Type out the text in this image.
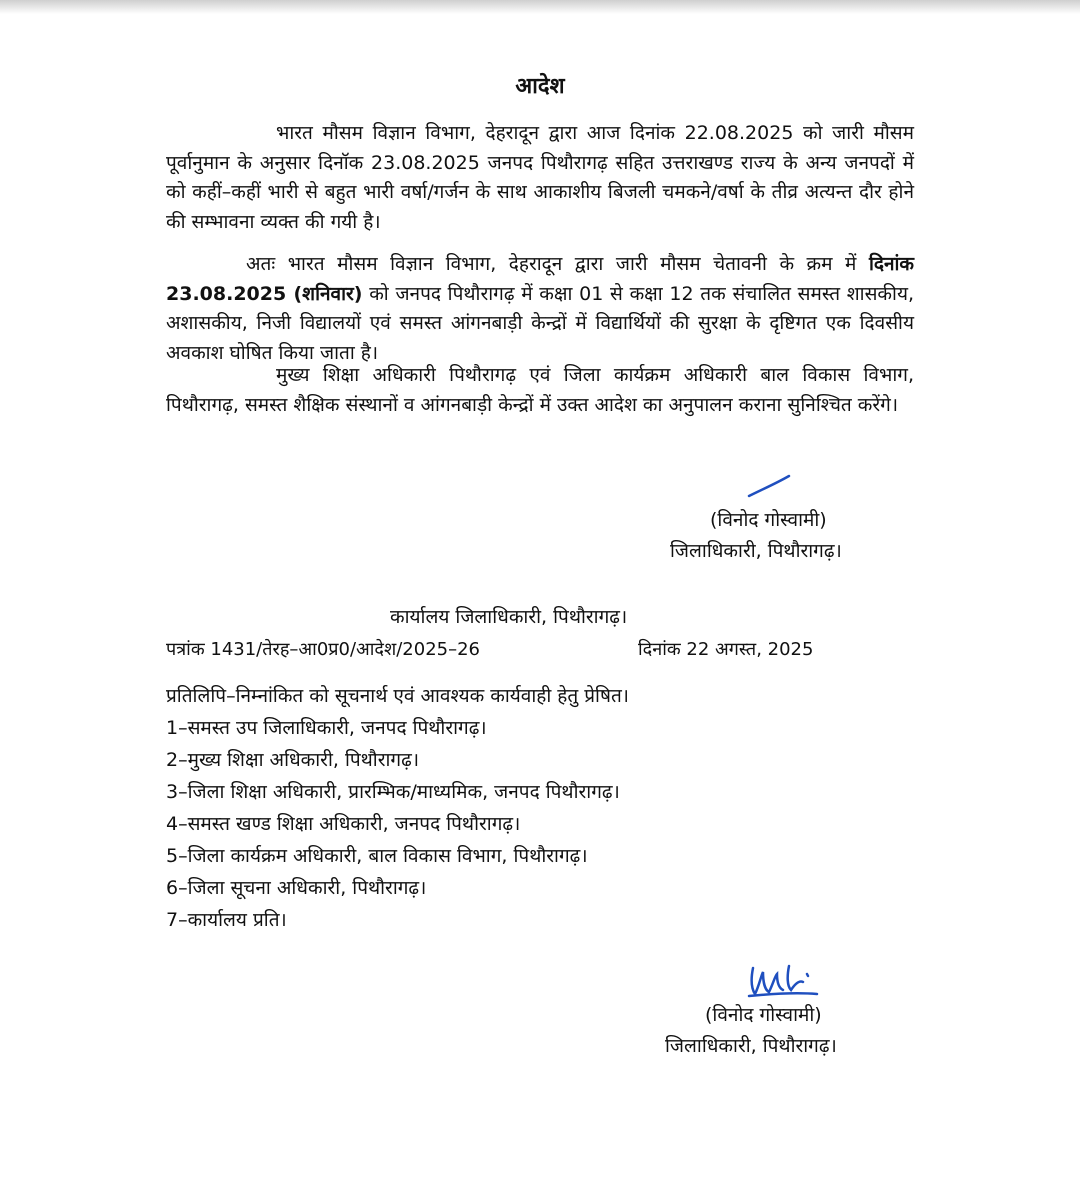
आदेश

भारत मौसम विज्ञान विभाग, देहरादून द्वारा आज दिनांक 22.08.2025 को जारी मौसम पूर्वानुमान के अनुसार दिनॉक 23.08.2025 जनपद पिथौरागढ़ सहित उत्तराखण्ड राज्य के अन्य जनपदों में को कहीं–कहीं भारी से बहुत भारी वर्षा/गर्जन के साथ आकाशीय बिजली चमकने/वर्षा के तीव्र अत्यन्त दौर होने की सम्भावना व्यक्त की गयी है।

अतः भारत मौसम विज्ञान विभाग, देहरादून द्वारा जारी मौसम चेतावनी के क्रम में दिनांक 23.08.2025 (शनिवार) को जनपद पिथौरागढ़ में कक्षा 01 से कक्षा 12 तक संचालित समस्त शासकीय, अशासकीय, निजी विद्यालयों एवं समस्त आंगनबाड़ी केन्द्रों में विद्यार्थियों की सुरक्षा के दृष्टिगत एक दिवसीय अवकाश घोषित किया जाता है।

मुख्य शिक्षा अधिकारी पिथौरागढ़ एवं जिला कार्यक्रम अधिकारी बाल विकास विभाग, पिथौरागढ़, समस्त शैक्षिक संस्थानों व आंगनबाड़ी केन्द्रों में उक्त आदेश का अनुपालन कराना सुनिश्चित करेंगे।

(विनोद गोस्वामी)
जिलाधिकारी, पिथौरागढ़।
कार्यालय जिलाधिकारी, पिथौरागढ़।
पत्रांक 1431/तेरह–आ0प्र0/आदेश/2025–26	दिनांक 22 अगस्त, 2025
प्रतिलिपि–निम्नांकित को सूचनार्थ एवं आवश्यक कार्यवाही हेतु प्रेषित।
1–समस्त उप जिलाधिकारी, जनपद पिथौरागढ़।
2–मुख्य शिक्षा अधिकारी, पिथौरागढ़।
3–जिला शिक्षा अधिकारी, प्रारम्भिक/माध्यमिक, जनपद पिथौरागढ़।
4–समस्त खण्ड शिक्षा अधिकारी, जनपद पिथौरागढ़।
5–जिला कार्यक्रम अधिकारी, बाल विकास विभाग, पिथौरागढ़।
6–जिला सूचना अधिकारी, पिथौरागढ़।
7–कार्यालय प्रति।
(विनोद गोस्वामी)
जिलाधिकारी, पिथौरागढ़।
